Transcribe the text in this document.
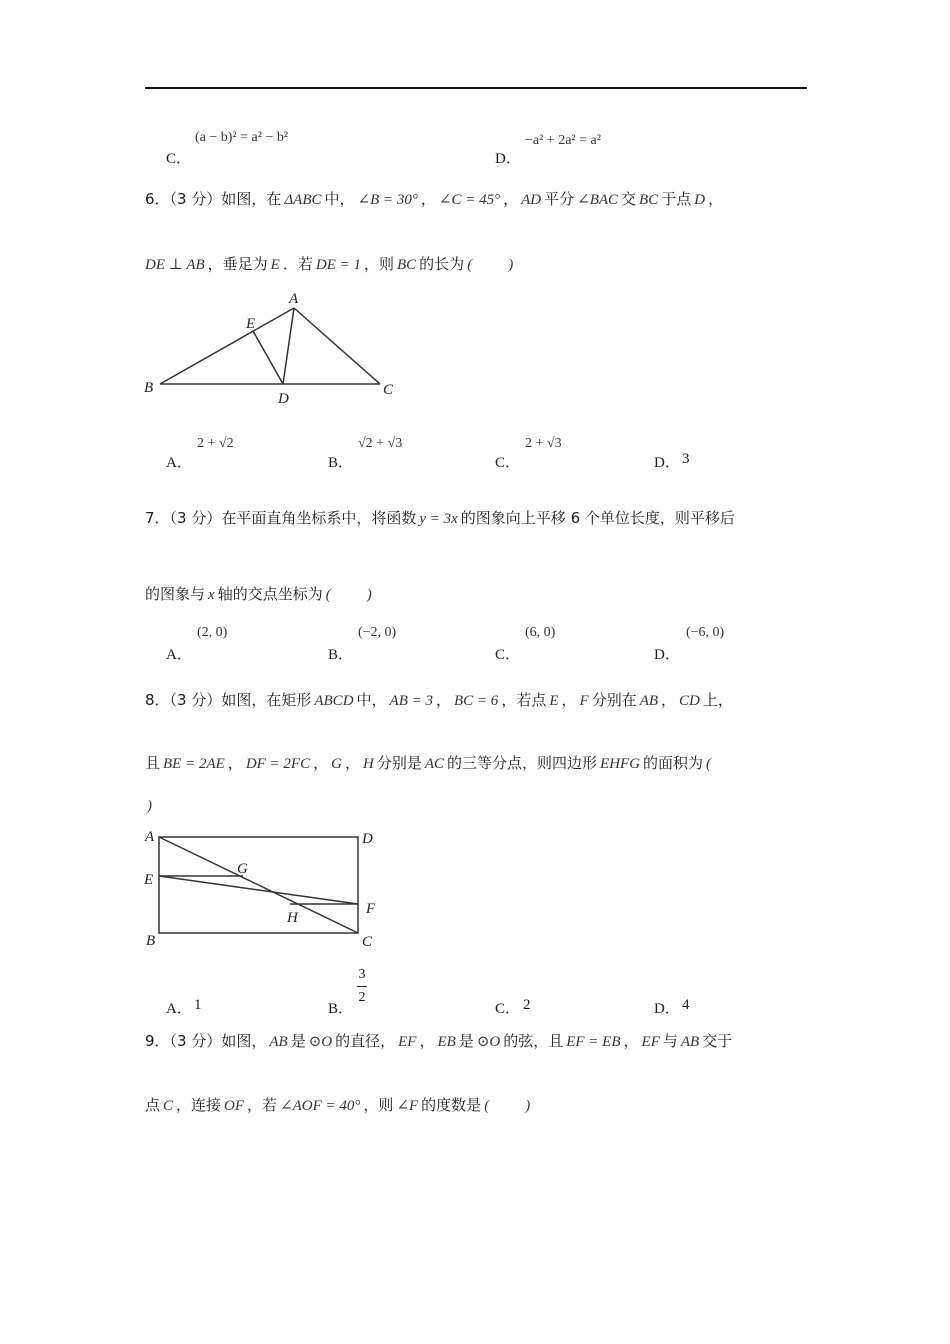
(a − b)² = a² − b²
C．
−a² + 2a² = a²
D．
6．（3 分）如图，在 ΔABC 中， ∠B = 30° ， ∠C = 45° ， AD 平分 ∠BAC 交 BC 于点 D ，
DE ⊥ AB ，垂足为 E ．若 DE = 1 ，则 BC 的长为 ( )
A
E
B
D
C
2 + √2
A．
√2 + √3
B．
2 + √3
C．	D． 3
7．（3 分）在平面直角坐标系中，将函数 y = 3x 的图象向上平移 6 个单位长度，则平移后
的图象与 x 轴的交点坐标为 ( )
(2, 0)
A．
(−2, 0)
B．
(6, 0)
C．
(−6, 0)
D．
8．（3 分）如图，在矩形 ABCD 中， AB = 3 ， BC = 6 ，若点 E ， F 分别在 AB ， CD 上，
且 BE = 2AE ， DF = 2FC ， G ， H 分别是 AC 的三等分点，则四边形 EHFG 的面积为 (
)
A	D
G
E
F
H
B	C
A． 1	B．
3
2
C． 2	D． 4
9．（3 分）如图， AB 是 ⊙O 的直径， EF ， EB 是 ⊙O 的弦，且 EF = EB ， EF 与 AB 交于
点 C ，连接 OF ，若 ∠AOF = 40° ，则 ∠F 的度数是 ( )
